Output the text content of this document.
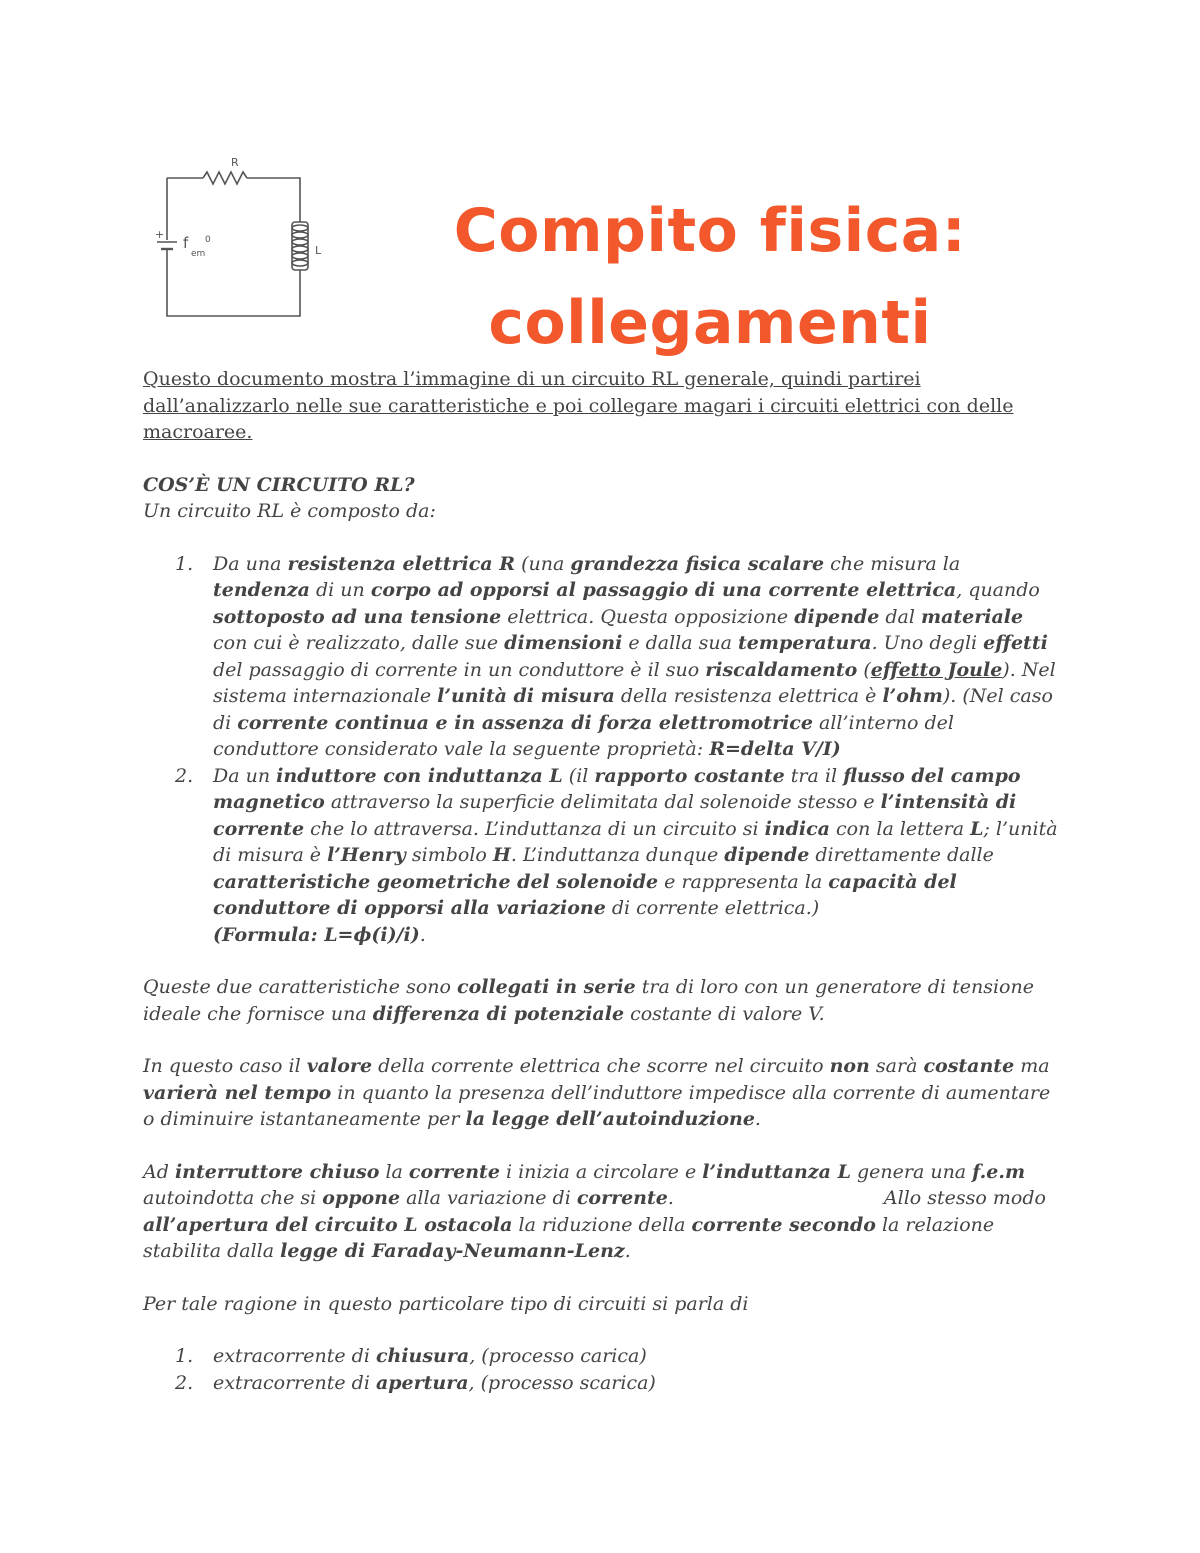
R
L
+ f
em
0	Compito fisica:
collegamenti

Questo documento mostra l’immagine di un circuito RL generale, quindi partirei dall’analizzarlo nelle sue caratteristiche e poi collegare magari i circuiti elettrici con delle macroaree.

COS’È UN CIRCUITO RL?

Un circuito RL è composto da:

1. Da una resistenza elettrica R (una grandezza fisica scalare che misura la tendenza di un corpo ad opporsi al passaggio di una corrente elettrica, quando sottoposto ad una tensione elettrica. Questa opposizione dipende dal materiale con cui è realizzato, dalle sue dimensioni e dalla sua temperatura. Uno degli effetti del passaggio di corrente in un conduttore è il suo riscaldamento (effetto Joule). Nel sistema internazionale l’unità di misura della resistenza elettrica è l’ohm). (Nel caso di corrente continua e in assenza di forza elettromotrice all’interno del conduttore considerato vale la seguente proprietà: R=delta V/I)
2. Da un induttore con induttanza L (il rapporto costante tra il flusso del campo magnetico attraverso la superficie delimitata dal solenoide stesso e l’intensità di corrente che lo attraversa. L’induttanza di un circuito si indica con la lettera L; l’unità di misura è l’Henry simbolo H. L’induttanza dunque dipende direttamente dalle caratteristiche geometriche del solenoide e rappresenta la capacità del conduttore di opporsi alla variazione di corrente elettrica.)
(Formula: L=ϕ(i)/i).

Queste due caratteristiche sono collegati in serie tra di loro con un generatore di tensione ideale che fornisce una differenza di potenziale costante di valore V.

In questo caso il valore della corrente elettrica che scorre nel circuito non sarà costante ma varierà nel tempo in quanto la presenza dell’induttore impedisce alla corrente di aumentare o diminuire istantaneamente per la legge dell’autoinduzione.

Ad interruttore chiuso la corrente i inizia a circolare e l’induttanza L genera una f.e.m autoindotta che si oppone alla variazione di corrente.	Allo stesso modo all’apertura del circuito L ostacola la riduzione della corrente secondo la relazione stabilita dalla legge di Faraday-Neumann-Lenz.

Per tale ragione in questo particolare tipo di circuiti si parla di

1. extracorrente di chiusura, (processo carica)
2. extracorrente di apertura, (processo scarica)
